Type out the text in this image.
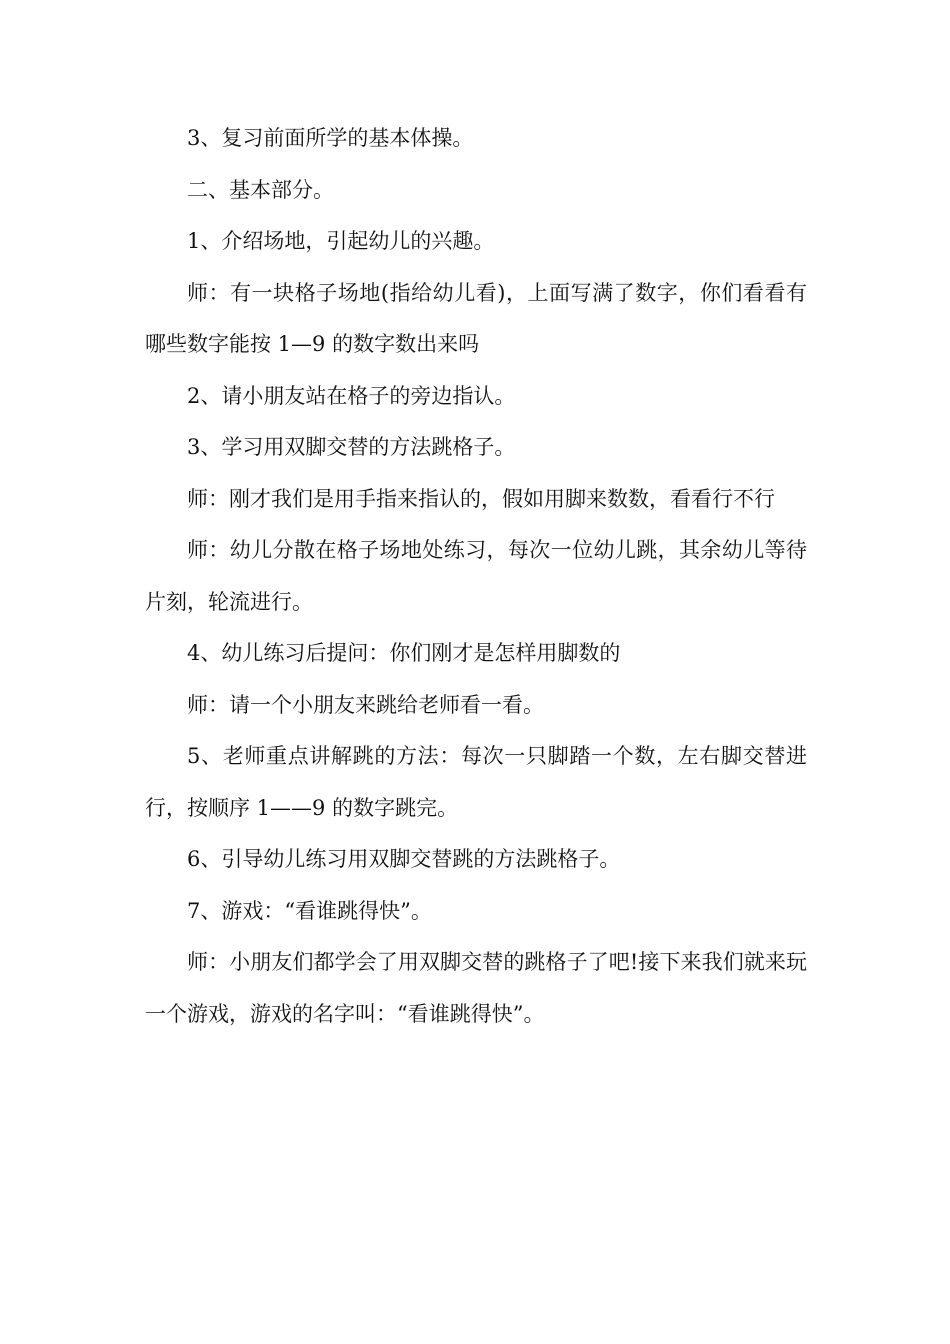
3、复习前面所学的基本体操。

二、基本部分。

1、介绍场地，引起幼儿的兴趣。

师：有一块格子场地(指给幼儿看)，上面写满了数字，你们看看有哪些数字能按 1—9 的数字数出来吗

2、请小朋友站在格子的旁边指认。

3、学习用双脚交替的方法跳格子。

师：刚才我们是用手指来指认的，假如用脚来数数，看看行不行

师：幼儿分散在格子场地处练习，每次一位幼儿跳，其余幼儿等待片刻，轮流进行。

4、幼儿练习后提问：你们刚才是怎样用脚数的

师：请一个小朋友来跳给老师看一看。

5、老师重点讲解跳的方法：每次一只脚踏一个数，左右脚交替进行，按顺序 1——9 的数字跳完。

6、引导幼儿练习用双脚交替跳的方法跳格子。

7、游戏：“看谁跳得快”。

师：小朋友们都学会了用双脚交替的跳格子了吧!接下来我们就来玩一个游戏，游戏的名字叫：“看谁跳得快”。
